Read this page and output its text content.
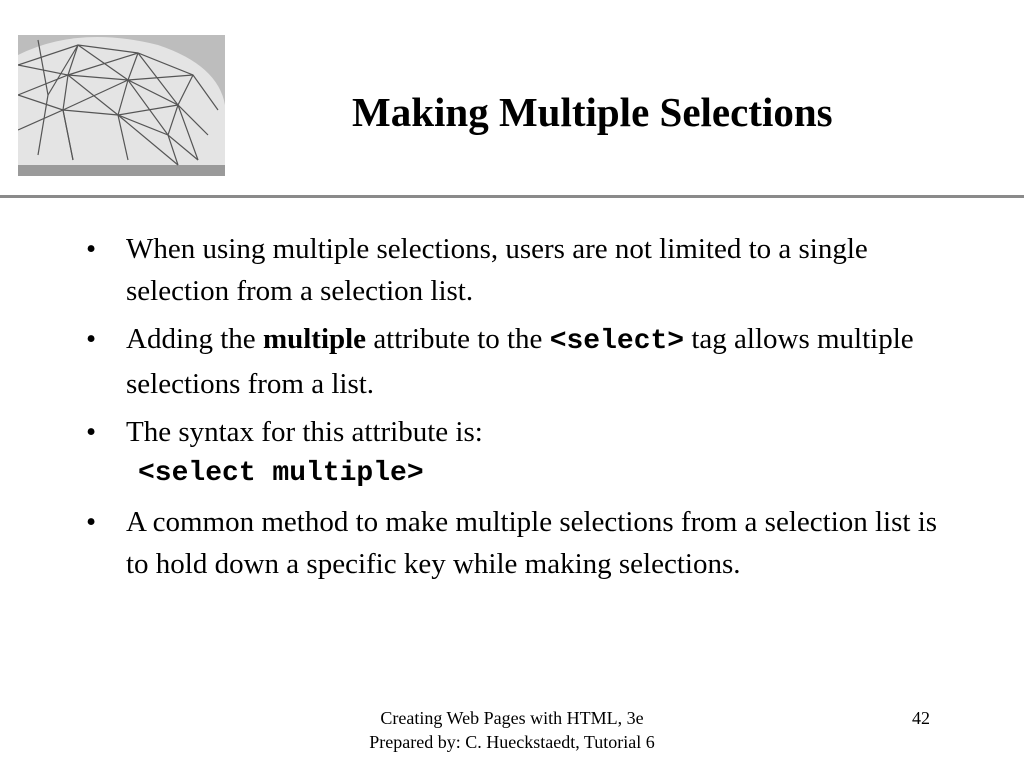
Making Multiple Selections
• When using multiple selections, users are not limited to a single selection from a selection list.
• Adding the multiple attribute to the <select> tag allows multiple selections from a list.
• The syntax for this attribute is:
<select multiple>
• A common method to make multiple selections from a selection list is to hold down a specific key while making selections.
Creating Web Pages with HTML, 3e
Prepared by: C. Hueckstaedt, Tutorial 6
42
